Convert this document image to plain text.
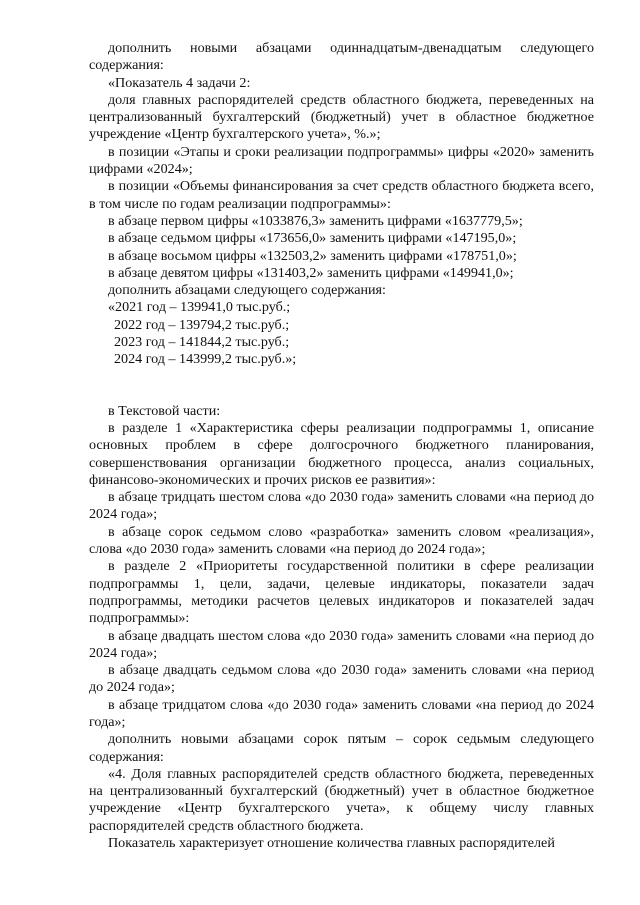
дополнить новыми абзацами одиннадцатым-двенадцатым следующего содержания:

«Показатель 4 задачи 2:

доля главных распорядителей средств областного бюджета, переведенных на централизованный бухгалтерский (бюджетный) учет в областное бюджетное учреждение «Центр бухгалтерского учета», %.»;

в позиции «Этапы и сроки реализации подпрограммы» цифры «2020» заменить цифрами «2024»;

в позиции «Объемы финансирования за счет средств областного бюджета всего, в том числе по годам реализации подпрограммы»:

в абзаце первом цифры «1033876,3» заменить цифрами «1637779,5»;

в абзаце седьмом цифры «173656,0» заменить цифрами «147195,0»;

в абзаце восьмом цифры «132503,2» заменить цифрами «178751,0»;

в абзаце девятом цифры «131403,2» заменить цифрами «149941,0»;

дополнить абзацами следующего содержания:

«2021 год – 139941,0 тыс.руб.;

2022 год – 139794,2 тыс.руб.;

2023 год – 141844,2 тыс.руб.;

2024 год – 143999,2 тыс.руб.»;

в Текстовой части:

в разделе 1 «Характеристика сферы реализации подпрограммы 1, описание основных проблем в сфере долгосрочного бюджетного планирования, совершенствования организации бюджетного процесса, анализ социальных, финансово-экономических и прочих рисков ее развития»:

в абзаце тридцать шестом слова «до 2030 года» заменить словами «на период до 2024 года»;

в абзаце сорок седьмом слово «разработка» заменить словом «реализация», слова «до 2030 года» заменить словами «на период до 2024 года»;

в разделе 2 «Приоритеты государственной политики в сфере реализации подпрограммы 1, цели, задачи, целевые индикаторы, показатели задач подпрограммы, методики расчетов целевых индикаторов и показателей задач подпрограммы»:

в абзаце двадцать шестом слова «до 2030 года» заменить словами «на период до 2024 года»;

в абзаце двадцать седьмом слова «до 2030 года» заменить словами «на период до 2024 года»;

в абзаце тридцатом слова «до 2030 года» заменить словами «на период до 2024 года»;

дополнить новыми абзацами сорок пятым – сорок седьмым следующего содержания:

«4. Доля главных распорядителей средств областного бюджета, переведенных на централизованный бухгалтерский (бюджетный) учет в областное бюджетное учреждение «Центр бухгалтерского учета», к общему числу главных распорядителей средств областного бюджета.

Показатель характеризует отношение количества главных распорядителей
